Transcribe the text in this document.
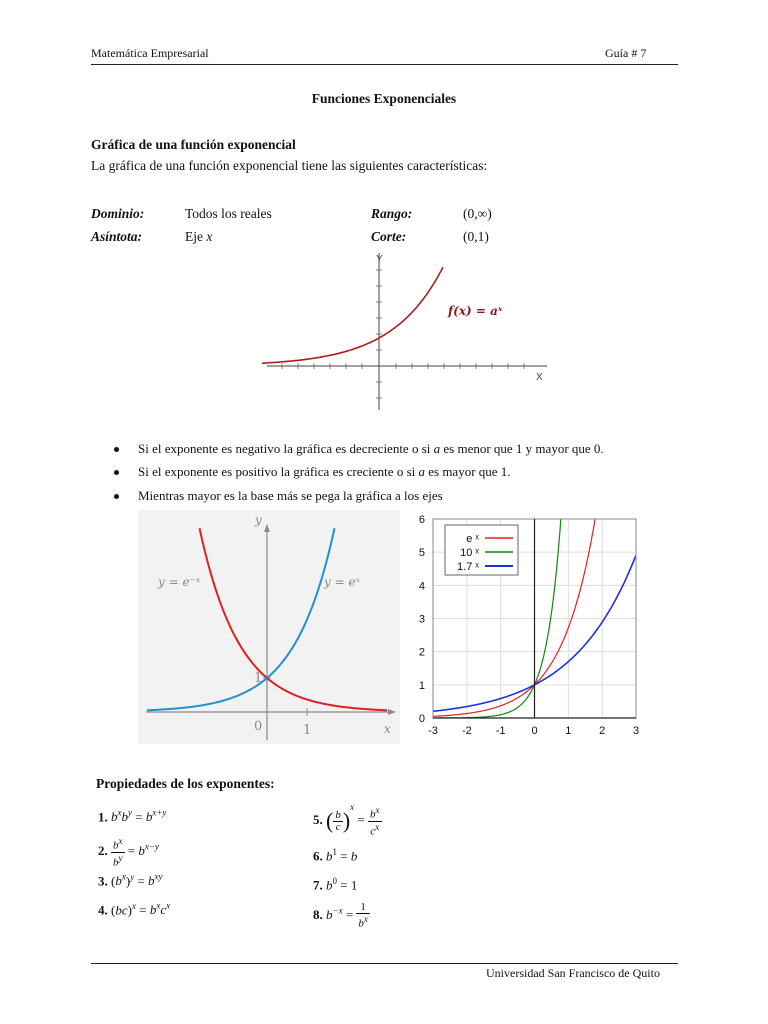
Matemática Empresarial	Guía # 7
Funciones Exponenciales
Gráfica de una función exponencial
La gráfica de una función exponencial tiene las siguientes características:
Dominio:	Todos los reales	Rango:	(0,∞)
Asíntota:	Eje x	Corte:	(0,1)
Y
X
f(x) = aˣ
Si el exponente es negativo la gráfica es decreciente o si a es menor que 1 y mayor que 0.
Si el exponente es positivo la gráfica es creciente o si a es mayor que 1.
Mientras mayor es la base más se pega la gráfica a los ejes
y
x
y = e⁻ˣ	y = eˣ
0	1
1
-3 -2 -1 0	1	2	3
0
1
2
3
4
5
6
e ˣ
10 ˣ
1.7 ˣ
Propiedades de los exponentes:
1. $b^xb^y = b^{x+y}$
2. $\frac{b^x}{b^y} = b^{x-y}$
3. $(b^x)^y = b^{xy}$
4. $(bc)^x = b^xc^x$
5. ( $\frac{b}{c} )^x = \frac{b^x}{c^x}$
6. $b^1 = b$
7. $b^0 = 1$
8. $b^{-x} = \frac{1}{b^x}$
Universidad San Francisco de Quito
